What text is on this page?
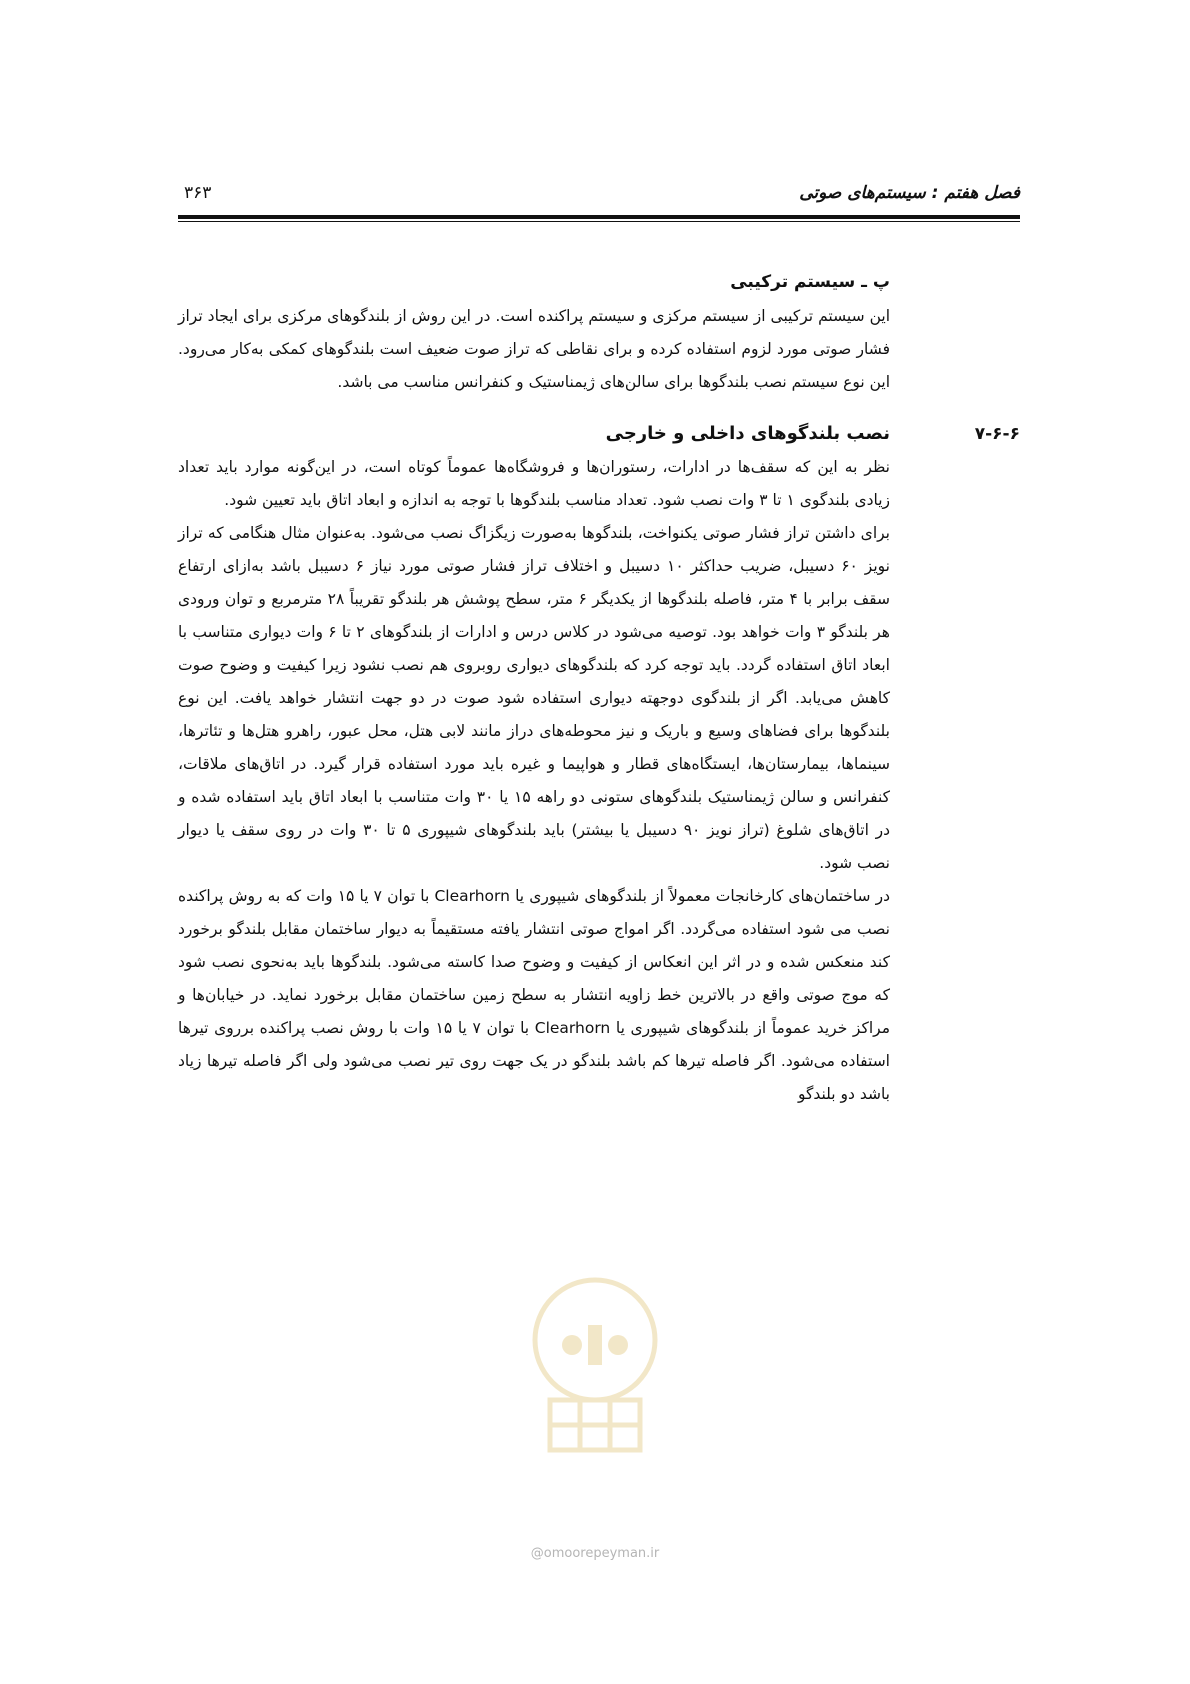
فصل هفتم : سیستم‌های صوتی
۳۶۳
پ ـ سیستم ترکیبی

این سیستم ترکیبی از سیستم مرکزی و سیستم پراکنده است. در این روش از بلندگوهای مرکزی برای ایجاد تراز فشار صوتی مورد لزوم استفاده کرده و برای نقاطی که تراز صوت ضعیف است بلندگوهای کمکی به‌کار می‌رود. این نوع سیستم نصب بلندگوها برای سالن‌های ژیمناستیک و کنفرانس مناسب می باشد.

۷-۶-۶
نصب بلندگوهای داخلی و خارجی

نظر به این که سقف‌ها در ادارات، رستوران‌ها و فروشگاه‌ها عموماً کوتاه است، در این‌گونه موارد باید تعداد زیادی بلندگوی ۱ تا ۳ وات نصب شود. تعداد مناسب بلندگوها با توجه به اندازه و ابعاد اتاق باید تعیین شود.

برای داشتن تراز فشار صوتی یکنواخت، بلندگوها به‌صورت زیگزاگ نصب می‌شود. به‌عنوان مثال هنگامی که تراز نویز ۶۰ دسیبل، ضریب حداکثر ۱۰ دسیبل و اختلاف تراز فشار صوتی مورد نیاز ۶ دسیبل باشد به‌ازای ارتفاع سقف برابر با ۴ متر، فاصله بلندگوها از یکدیگر ۶ متر، سطح پوشش هر بلندگو تقریباً ۲۸ مترمربع و توان ورودی هر بلندگو ۳ وات خواهد بود. توصیه می‌شود در کلاس درس و ادارات از بلندگوهای ۲ تا ۶ وات دیواری متناسب با ابعاد اتاق استفاده گردد. باید توجه کرد که بلندگوهای دیواری روبروی هم نصب نشود زیرا کیفیت و وضوح صوت کاهش می‌یابد. اگر از بلندگوی دوجهته دیواری استفاده شود صوت در دو جهت انتشار خواهد یافت. این نوع بلندگوها برای فضاهای وسیع و باریک و نیز محوطه‌های دراز مانند لابی هتل، محل عبور، راهرو هتل‌ها و تئاترها، سینماها، بیمارستان‌ها، ایستگاه‌های قطار و هواپیما و غیره باید مورد استفاده قرار گیرد. در اتاق‌های ملاقات، کنفرانس و سالن ژیمناستیک بلندگوهای ستونی دو راهه ۱۵ یا ۳۰ وات متناسب با ابعاد اتاق باید استفاده شده و در اتاق‌های شلوغ (تراز نویز ۹۰ دسیبل یا بیشتر) باید بلندگوهای شیپوری ۵ تا ۳۰ وات در روی سقف یا دیوار نصب شود.

در ساختمان‌های کارخانجات معمولاً از بلندگوهای شیپوری یا Clearhorn با توان ۷ یا ۱۵ وات که به روش پراکنده نصب می شود استفاده می‌گردد. اگر امواج صوتی انتشار یافته مستقیماً به دیوار ساختمان مقابل بلندگو برخورد کند منعکس شده و در اثر این انعکاس از کیفیت و وضوح صدا کاسته می‌شود. بلندگوها باید به‌نحوی نصب شود که موج صوتی واقع در بالاترین خط زاویه انتشار به سطح زمین ساختمان مقابل برخورد نماید. در خیابان‌ها و مراکز خرید عموماً از بلندگوهای شیپوری یا Clearhorn با توان ۷ یا ۱۵ وات با روش نصب پراکنده برروی تیرها استفاده می‌شود. اگر فاصله تیرها کم باشد بلندگو در یک جهت روی تیر نصب می‌شود ولی اگر فاصله تیرها زیاد باشد دو بلندگو

@omoorepeyman.ir
